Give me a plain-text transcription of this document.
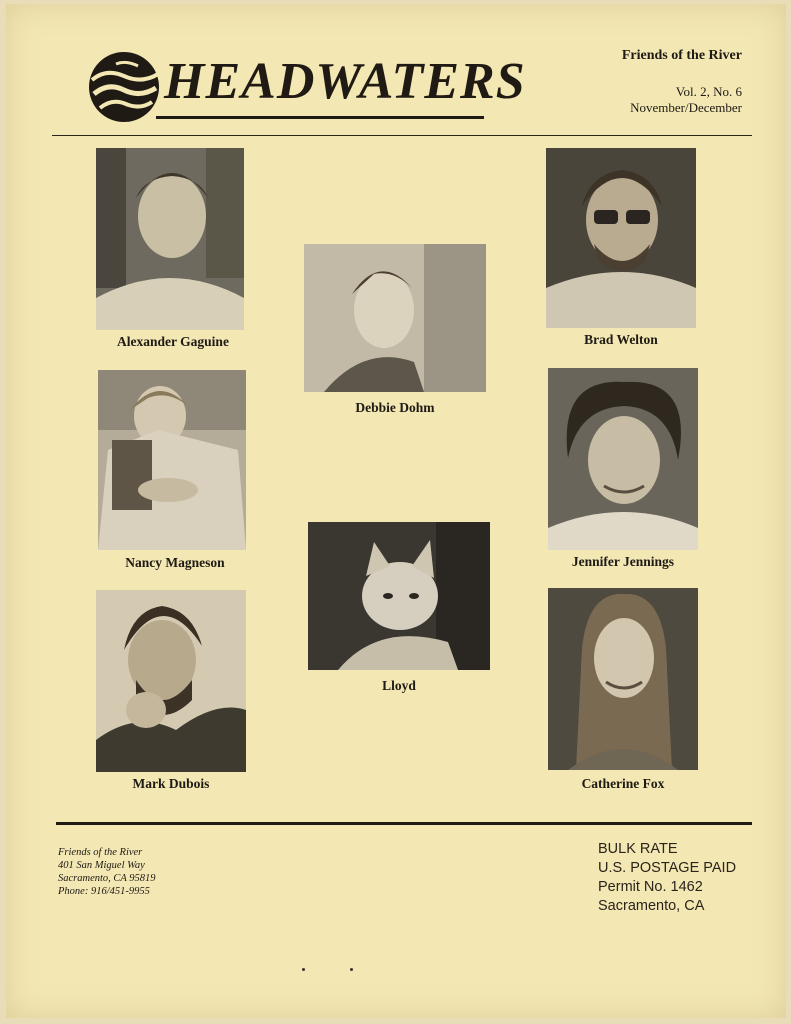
HEADWATERS	Friends of the River
Vol. 2, No. 6
November/December
Alexander Gaguine
Nancy Magneson
Mark Dubois
Debbie Dohm
Lloyd
Brad Welton
Jennifer Jennings
Catherine Fox
Friends of the River
401 San Miguel Way
Sacramento, CA 95819
Phone: 916/451-9955
BULK RATE
U.S. POSTAGE PAID
Permit No. 1462
Sacramento, CA
